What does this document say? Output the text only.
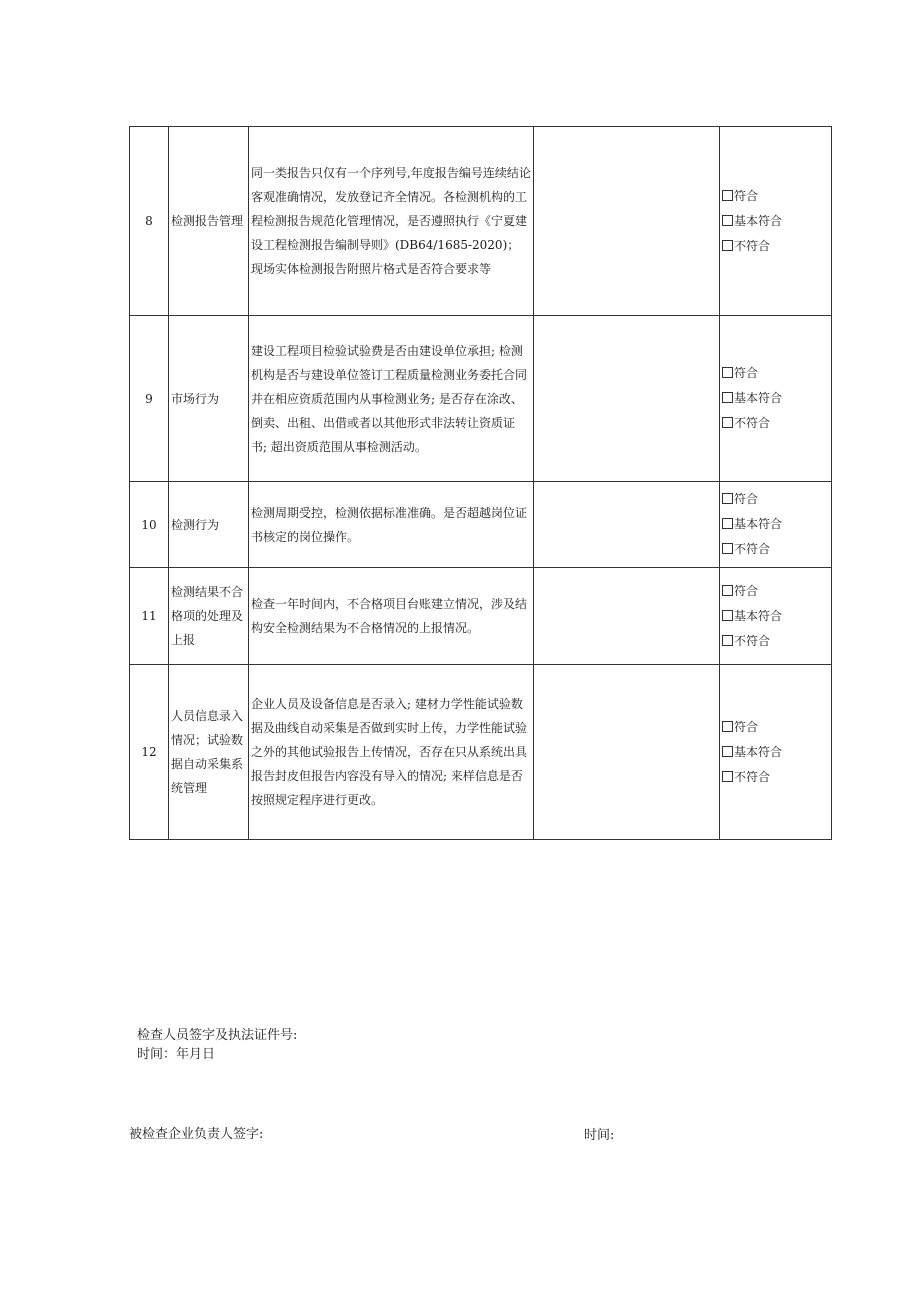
8	检测报告管理	同一类报告只仅有一个序列号,年度报告编号连续结论客观准确情况，发放登记齐全情况。各检测机构的工程检测报告规范化管理情况，是否遵照执行《宁夏建设工程检测报告编制导则》(DB64/1685-2020)；现场实体检测报告附照片格式是否符合要求等		符合
基本符合
不符合

9	市场行为	建设工程项目检验试验费是否由建设单位承担; 检测机构是否与建设单位签订工程质量检测业务委托合同并在相应资质范围内从事检测业务; 是否存在涂改、倒卖、出租、出借或者以其他形式非法转让资质证书; 超出资质范围从事检测活动。		符合
基本符合
不符合

10	检测行为	检测周期受控，检测依据标准准确。是否超越岗位证书核定的岗位操作。		符合
基本符合
不符合

11	检测结果不合格项的处理及上报	检查一年时间内，不合格项目台账建立情况，涉及结构安全检测结果为不合格情况的上报情况。		符合
基本符合
不符合

12	人员信息录入情况；试验数据自动采集系统管理	企业人员及设备信息是否录入; 建材力学性能试验数据及曲线自动采集是否做到实时上传，力学性能试验之外的其他试验报告上传情况，否存在只从系统出具报告封皮但报告内容没有导入的情况; 来样信息是否按照规定程序进行更改。		符合
基本符合
不符合
检查人员签字及执法证件号:
时间：年月日
被检查企业负责人签字:	时间:
